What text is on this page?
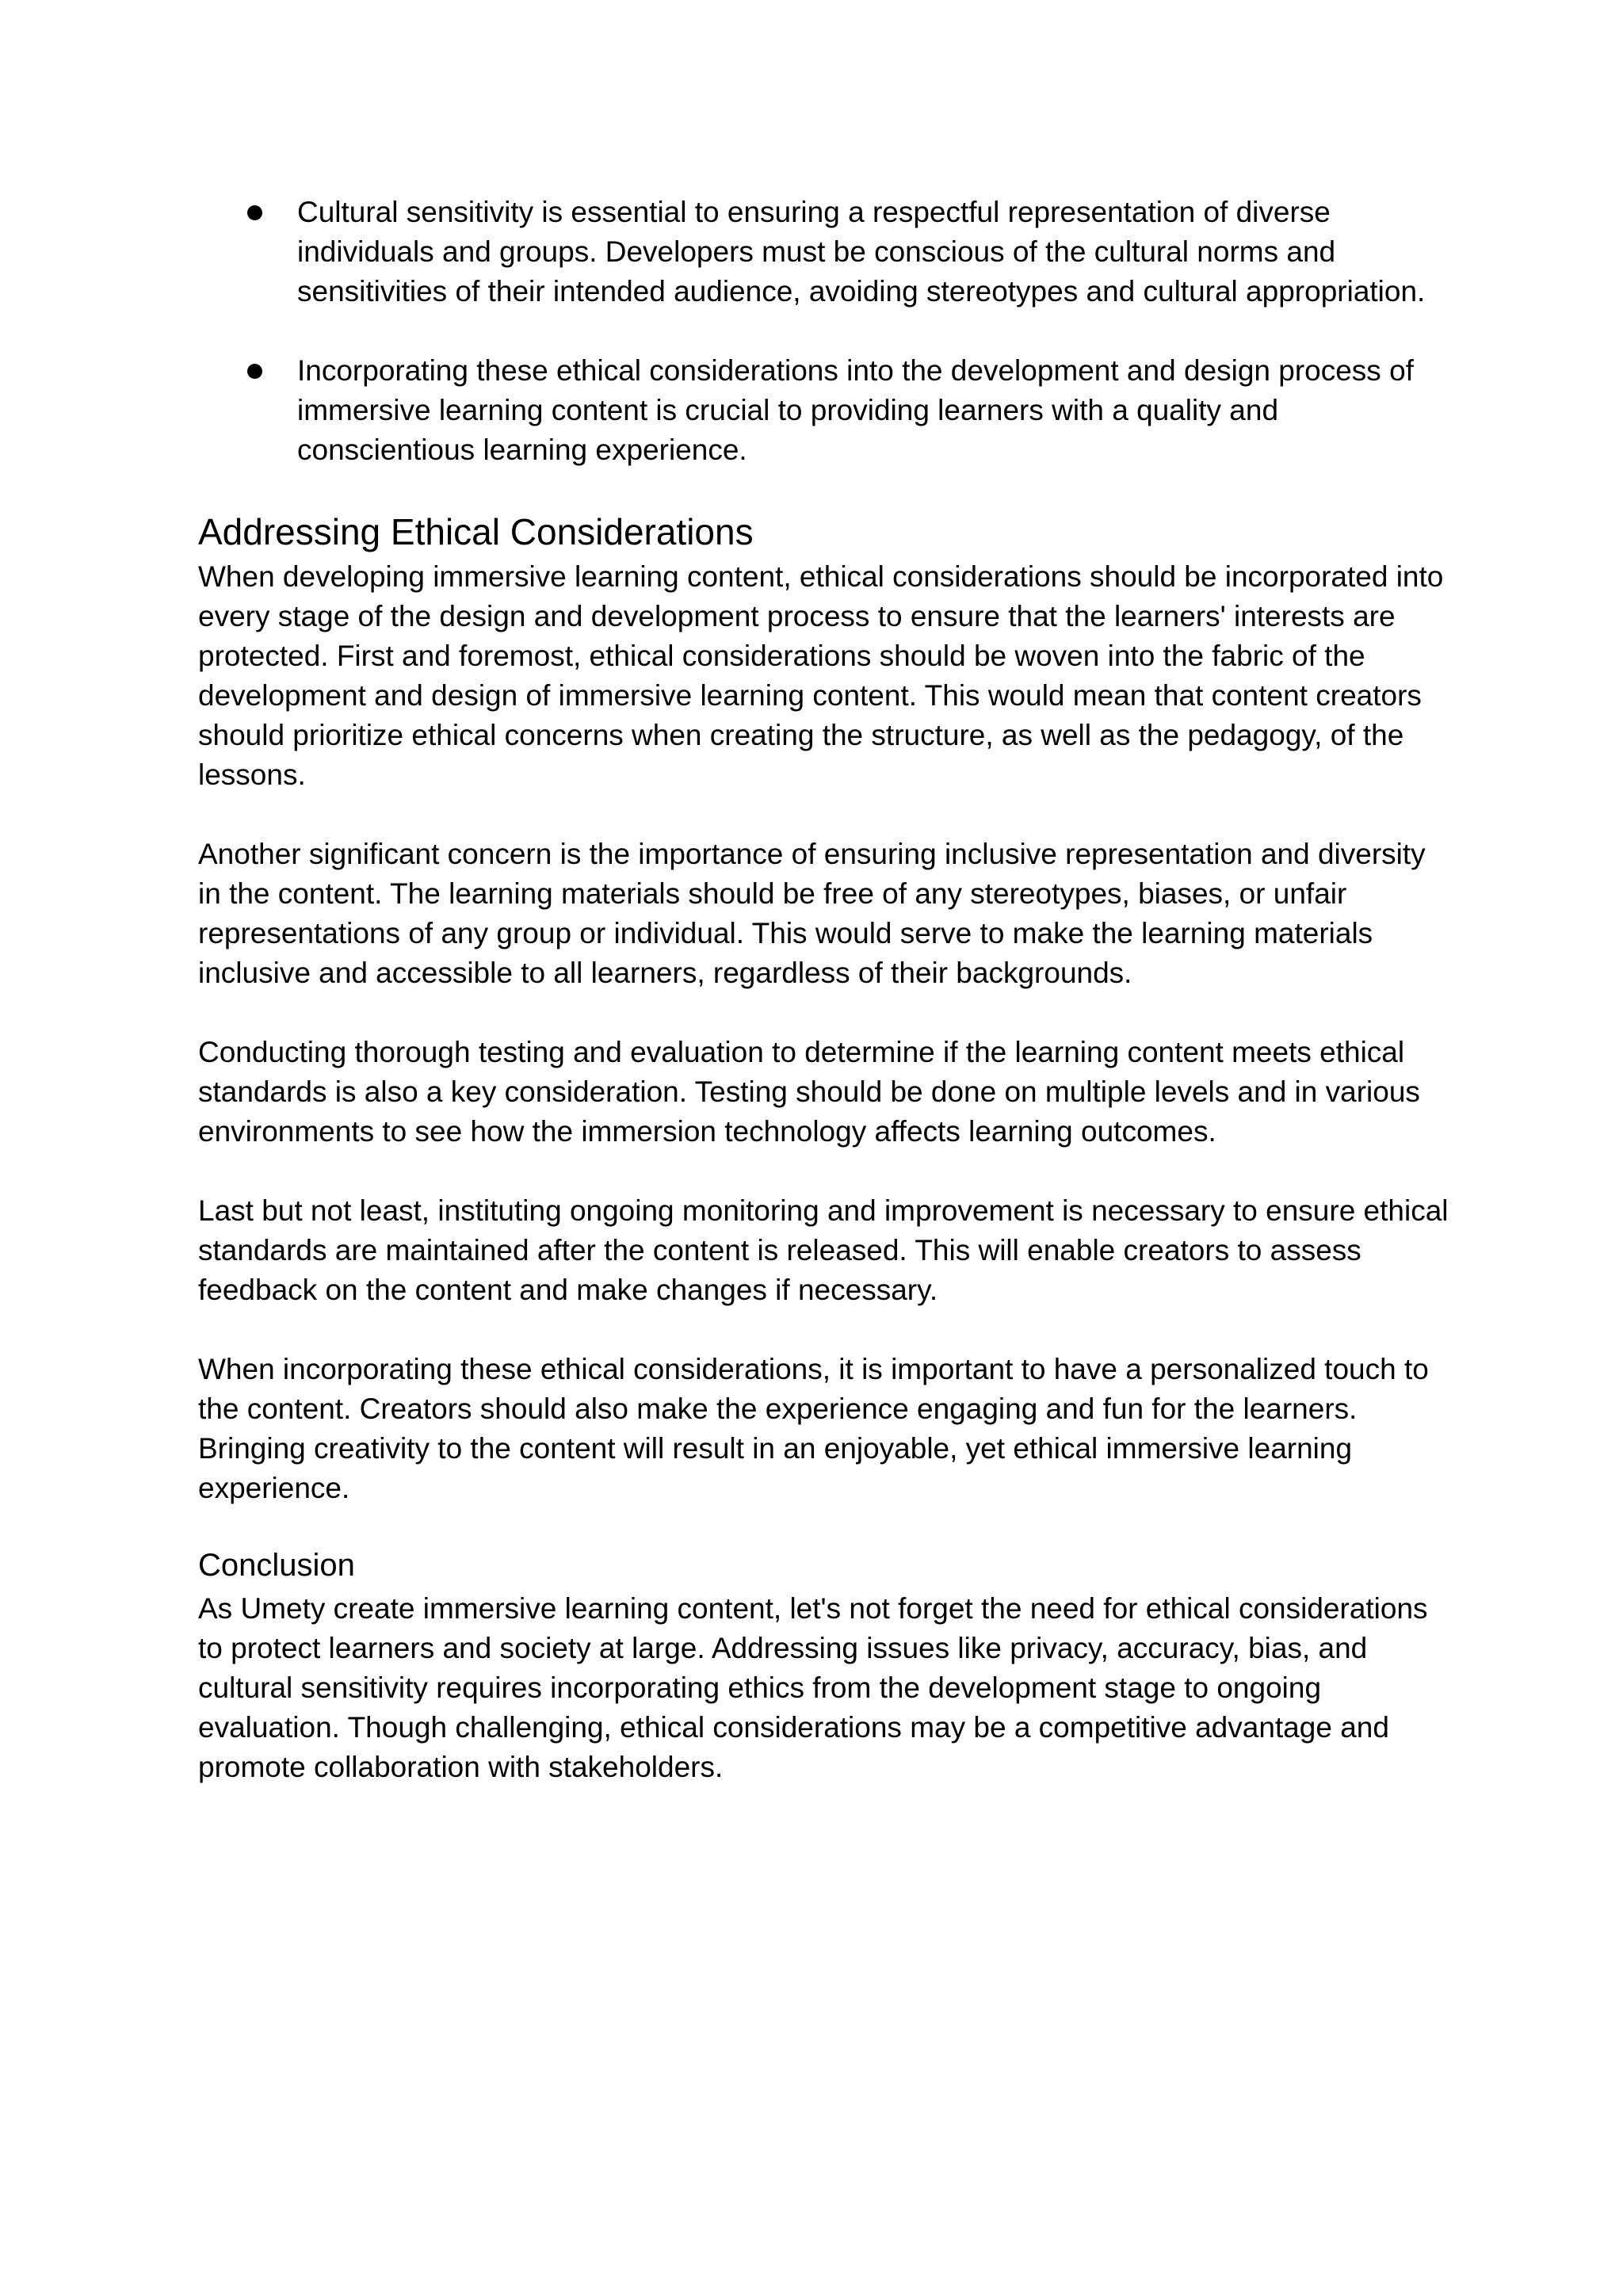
Cultural sensitivity is essential to ensuring a respectful representation of diverse individuals and groups. Developers must be conscious of the cultural norms and sensitivities of their intended audience, avoiding stereotypes and cultural appropriation.
Incorporating these ethical considerations into the development and design process of immersive learning content is crucial to providing learners with a quality and conscientious learning experience.
Addressing Ethical Considerations

When developing immersive learning content, ethical considerations should be incorporated into every stage of the design and development process to ensure that the learners' interests are protected. First and foremost, ethical considerations should be woven into the fabric of the development and design of immersive learning content. This would mean that content creators should prioritize ethical concerns when creating the structure, as well as the pedagogy, of the lessons.

Another significant concern is the importance of ensuring inclusive representation and diversity in the content. The learning materials should be free of any stereotypes, biases, or unfair representations of any group or individual. This would serve to make the learning materials inclusive and accessible to all learners, regardless of their backgrounds.

Conducting thorough testing and evaluation to determine if the learning content meets ethical standards is also a key consideration. Testing should be done on multiple levels and in various environments to see how the immersion technology affects learning outcomes.

Last but not least, instituting ongoing monitoring and improvement is necessary to ensure ethical standards are maintained after the content is released. This will enable creators to assess feedback on the content and make changes if necessary.

When incorporating these ethical considerations, it is important to have a personalized touch to the content. Creators should also make the experience engaging and fun for the learners. Bringing creativity to the content will result in an enjoyable, yet ethical immersive learning experience.

Conclusion

As Umety create immersive learning content, let's not forget the need for ethical considerations to protect learners and society at large. Addressing issues like privacy, accuracy, bias, and cultural sensitivity requires incorporating ethics from the development stage to ongoing evaluation. Though challenging, ethical considerations may be a competitive advantage and promote collaboration with stakeholders.
